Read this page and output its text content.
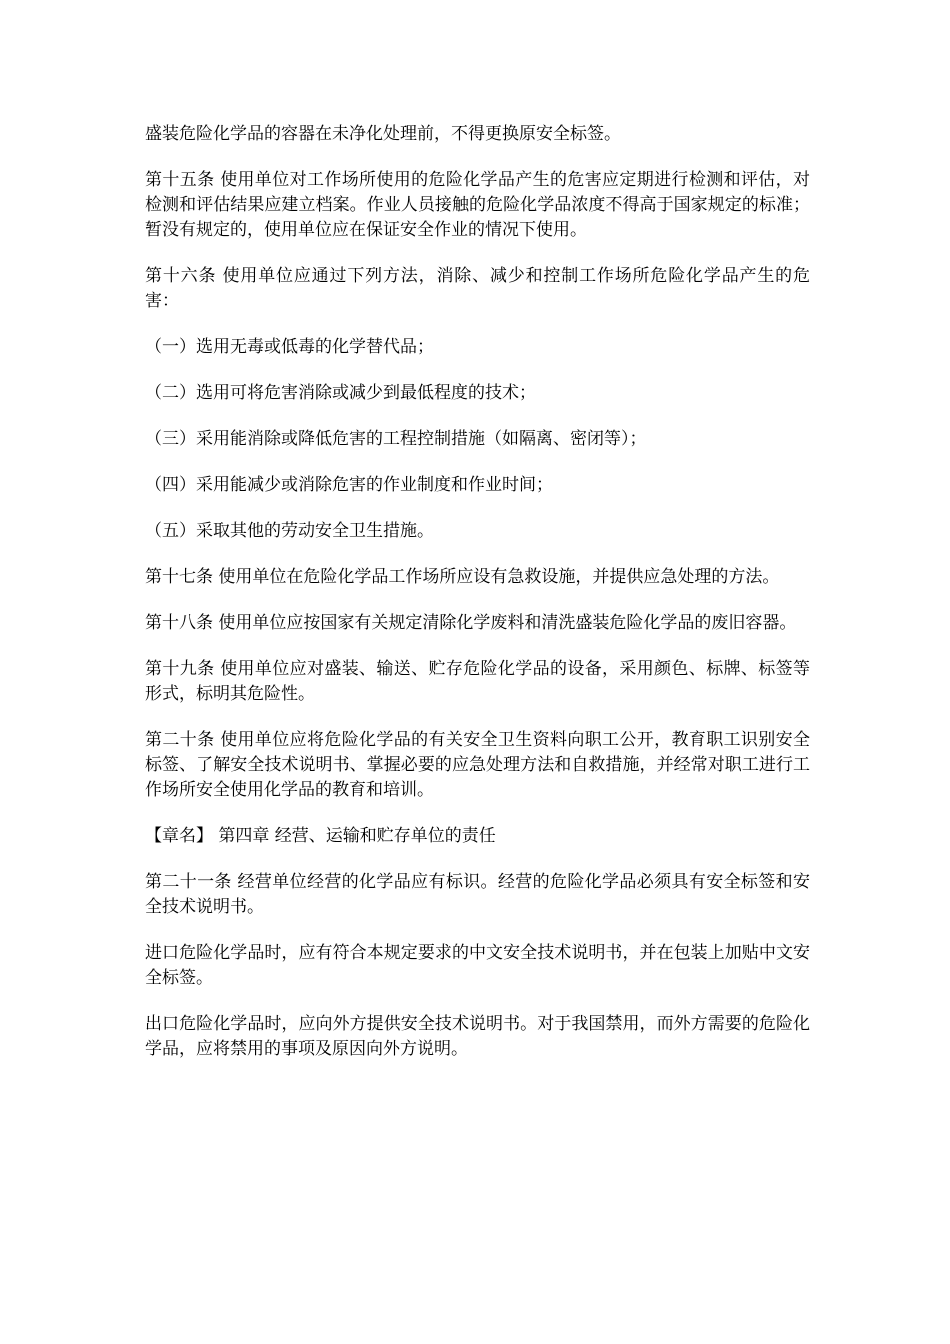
盛装危险化学品的容器在未净化处理前，不得更换原安全标签。

第十五条 使用单位对工作场所使用的危险化学品产生的危害应定期进行检测和评估，对检测和评估结果应建立档案。作业人员接触的危险化学品浓度不得高于国家规定的标准；暂没有规定的，使用单位应在保证安全作业的情况下使用。

第十六条 使用单位应通过下列方法，消除、减少和控制工作场所危险化学品产生的危害：

（一）选用无毒或低毒的化学替代品；

（二）选用可将危害消除或减少到最低程度的技术；

（三）采用能消除或降低危害的工程控制措施（如隔离、密闭等）；

（四）采用能减少或消除危害的作业制度和作业时间；

（五）采取其他的劳动安全卫生措施。

第十七条 使用单位在危险化学品工作场所应设有急救设施，并提供应急处理的方法。

第十八条 使用单位应按国家有关规定清除化学废料和清洗盛装危险化学品的废旧容器。

第十九条 使用单位应对盛装、输送、贮存危险化学品的设备，采用颜色、标牌、标签等形式，标明其危险性。

第二十条 使用单位应将危险化学品的有关安全卫生资料向职工公开，教育职工识别安全标签、了解安全技术说明书、掌握必要的应急处理方法和自救措施，并经常对职工进行工作场所安全使用化学品的教育和培训。

【章名】 第四章 经营、运输和贮存单位的责任

第二十一条 经营单位经营的化学品应有标识。经营的危险化学品必须具有安全标签和安全技术说明书。

进口危险化学品时，应有符合本规定要求的中文安全技术说明书，并在包装上加贴中文安全标签。

出口危险化学品时，应向外方提供安全技术说明书。对于我国禁用，而外方需要的危险化学品，应将禁用的事项及原因向外方说明。
